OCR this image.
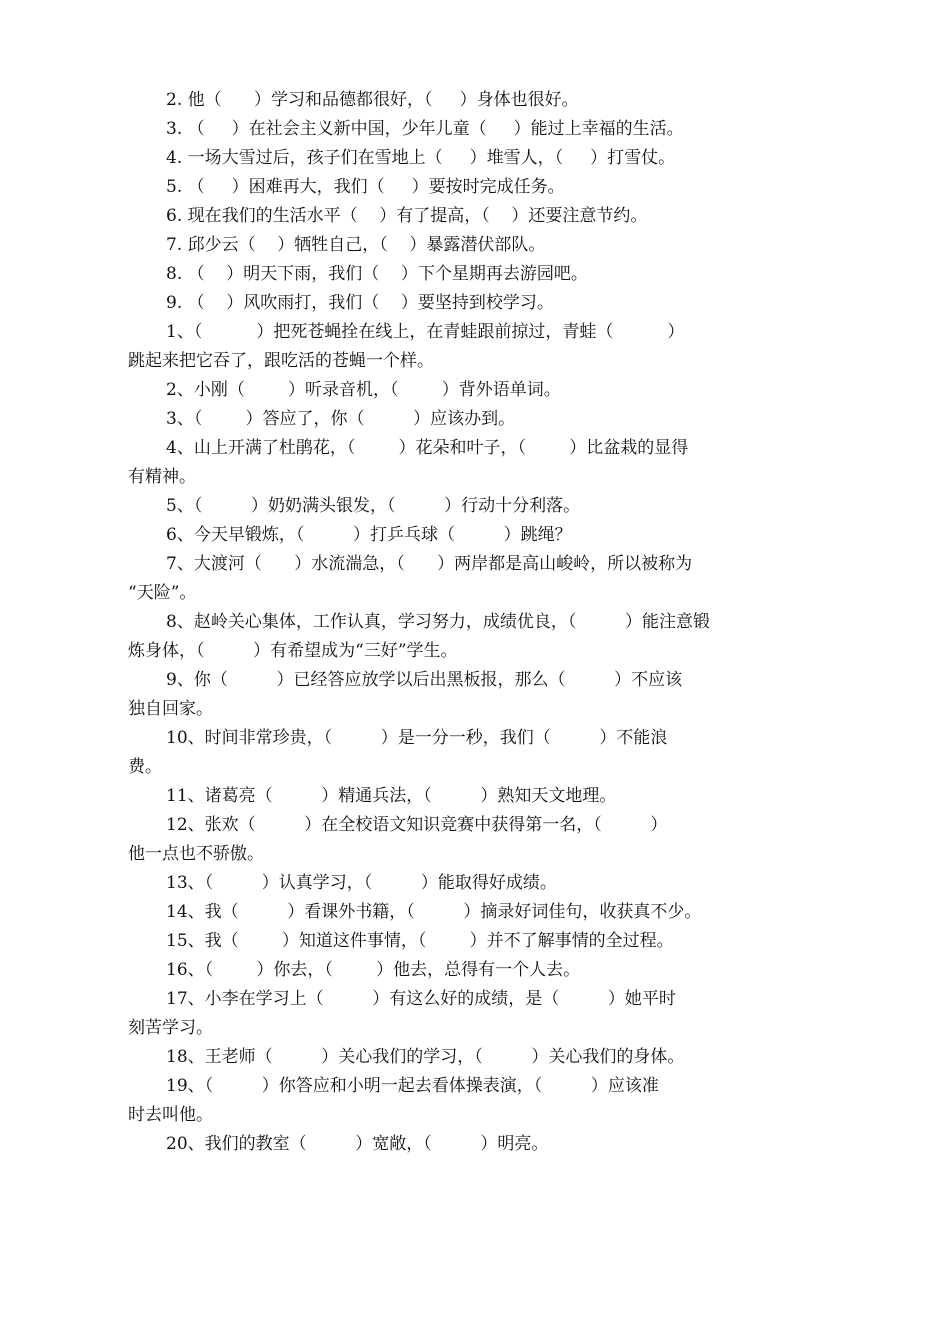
2. 他（      ）学习和品德都很好，（     ）身体也很好。
3. （     ）在社会主义新中国，少年儿童（     ）能过上幸福的生活。
4. 一场大雪过后，孩子们在雪地上（     ）堆雪人，（     ）打雪仗。
5. （     ）困难再大，我们（     ）要按时完成任务。
6. 现在我们的生活水平（    ）有了提高，（    ）还要注意节约。
7. 邱少云（    ）牺牲自己，（    ）暴露潜伏部队。
8. （    ）明天下雨，我们（    ）下个星期再去游园吧。
9. （    ）风吹雨打，我们（    ）要坚持到校学习。
1、（          ）把死苍蝇拴在线上，在青蛙跟前掠过，青蛙（          ）
跳起来把它吞了，跟吃活的苍蝇一个样。
2、小刚（        ）听录音机，（        ）背外语单词。
3、（        ）答应了，你（         ）应该办到。
4、山上开满了杜鹃花，（        ）花朵和叶子，（        ）比盆栽的显得
有精神。
5、（         ）奶奶满头银发，（         ）行动十分利落。
6、今天早锻炼，（         ）打乒乓球（         ）跳绳？
7、大渡河（      ）水流湍急，（      ）两岸都是高山峻岭，所以被称为
“天险”。
8、赵岭关心集体，工作认真，学习努力，成绩优良，（         ）能注意锻
炼身体，（         ）有希望成为“三好”学生。
9、你（         ）已经答应放学以后出黑板报，那么（         ）不应该
独自回家。
10、时间非常珍贵，（         ）是一分一秒，我们（         ）不能浪
费。
11、诸葛亮（         ）精通兵法，（         ）熟知天文地理。
12、张欢（         ）在全校语文知识竞赛中获得第一名，（         ）
他一点也不骄傲。
13、（         ）认真学习，（         ）能取得好成绩。
14、我（         ）看课外书籍，（         ）摘录好词佳句，收获真不少。
15、我（        ）知道这件事情，（        ）并不了解事情的全过程。
16、（        ）你去，（        ）他去，总得有一个人去。
17、小李在学习上（         ）有这么好的成绩，是（         ）她平时
刻苦学习。
18、王老师（         ）关心我们的学习，（         ）关心我们的身体。
19、（         ）你答应和小明一起去看体操表演，（         ）应该准
时去叫他。
20、我们的教室（         ）宽敞，（         ）明亮。
